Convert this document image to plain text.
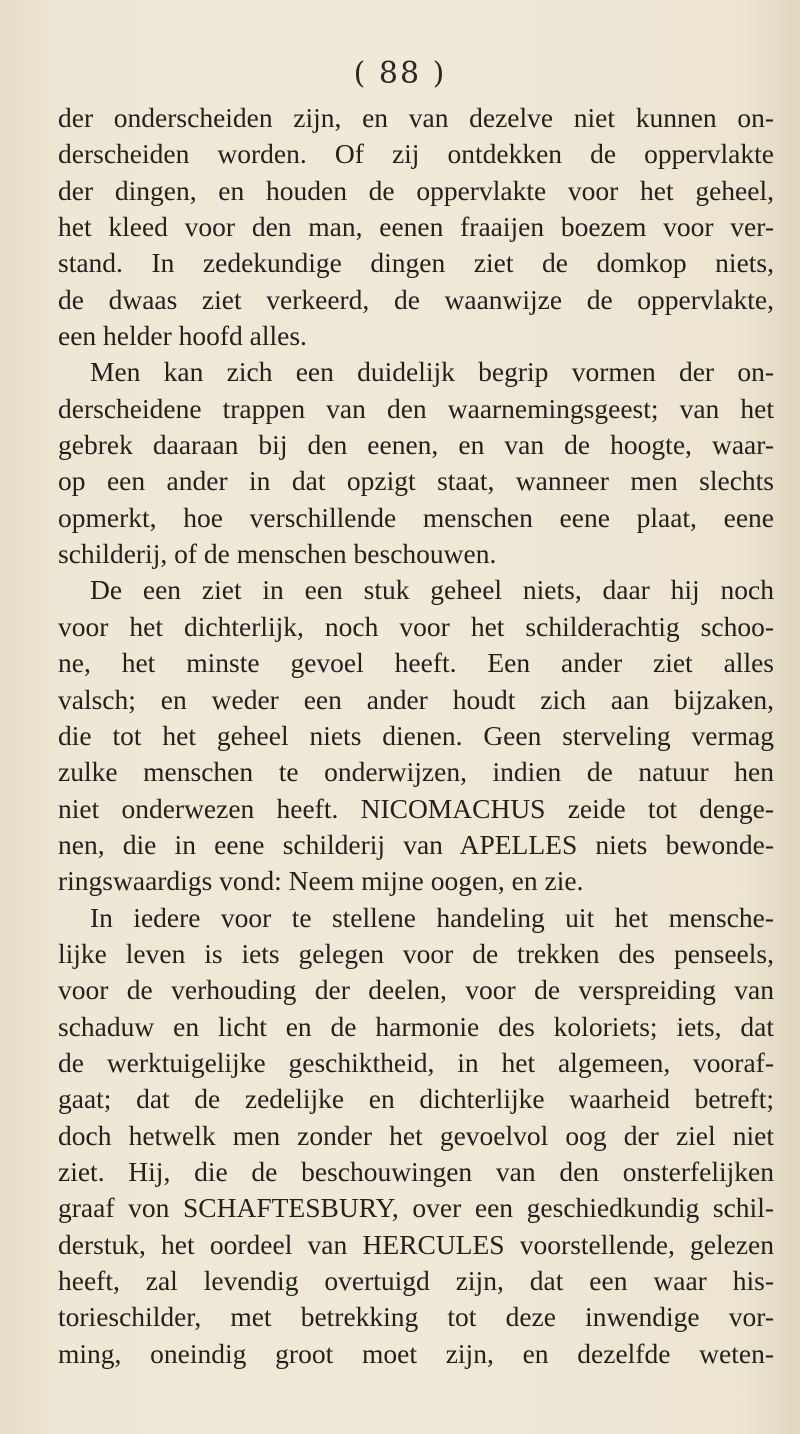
( 88 )
der onderscheiden zijn, en van dezelve niet kunnen on-
derscheiden worden. Of zij ontdekken de oppervlakte
der dingen, en houden de oppervlakte voor het geheel,
het kleed voor den man, eenen fraaijen boezem voor ver-
stand. In zedekundige dingen ziet de domkop niets,
de dwaas ziet verkeerd, de waanwijze de oppervlakte,
een helder hoofd alles.
Men kan zich een duidelijk begrip vormen der on-
derscheidene trappen van den waarnemingsgeest; van het
gebrek daaraan bij den eenen, en van de hoogte, waar-
op een ander in dat opzigt staat, wanneer men slechts
opmerkt, hoe verschillende menschen eene plaat, eene
schilderij, of de menschen beschouwen.
De een ziet in een stuk geheel niets, daar hij noch
voor het dichterlijk, noch voor het schilderachtig schoo-
ne, het minste gevoel heeft. Een ander ziet alles
valsch; en weder een ander houdt zich aan bijzaken,
die tot het geheel niets dienen. Geen sterveling vermag
zulke menschen te onderwijzen, indien de natuur hen
niet onderwezen heeft. NICOMACHUS zeide tot denge-
nen, die in eene schilderij van APELLES niets bewonde-
ringswaardigs vond: Neem mijne oogen, en zie.
In iedere voor te stellene handeling uit het mensche-
lijke leven is iets gelegen voor de trekken des penseels,
voor de verhouding der deelen, voor de verspreiding van
schaduw en licht en de harmonie des koloriets; iets, dat
de werktuigelijke geschiktheid, in het algemeen, vooraf-
gaat; dat de zedelijke en dichterlijke waarheid betreft;
doch hetwelk men zonder het gevoelvol oog der ziel niet
ziet. Hij, die de beschouwingen van den onsterfelijken
graaf von SCHAFTESBURY, over een geschiedkundig schil-
derstuk, het oordeel van HERCULES voorstellende, gelezen
heeft, zal levendig overtuigd zijn, dat een waar his-
torieschilder, met betrekking tot deze inwendige vor-
ming, oneindig groot moet zijn, en dezelfde weten-
